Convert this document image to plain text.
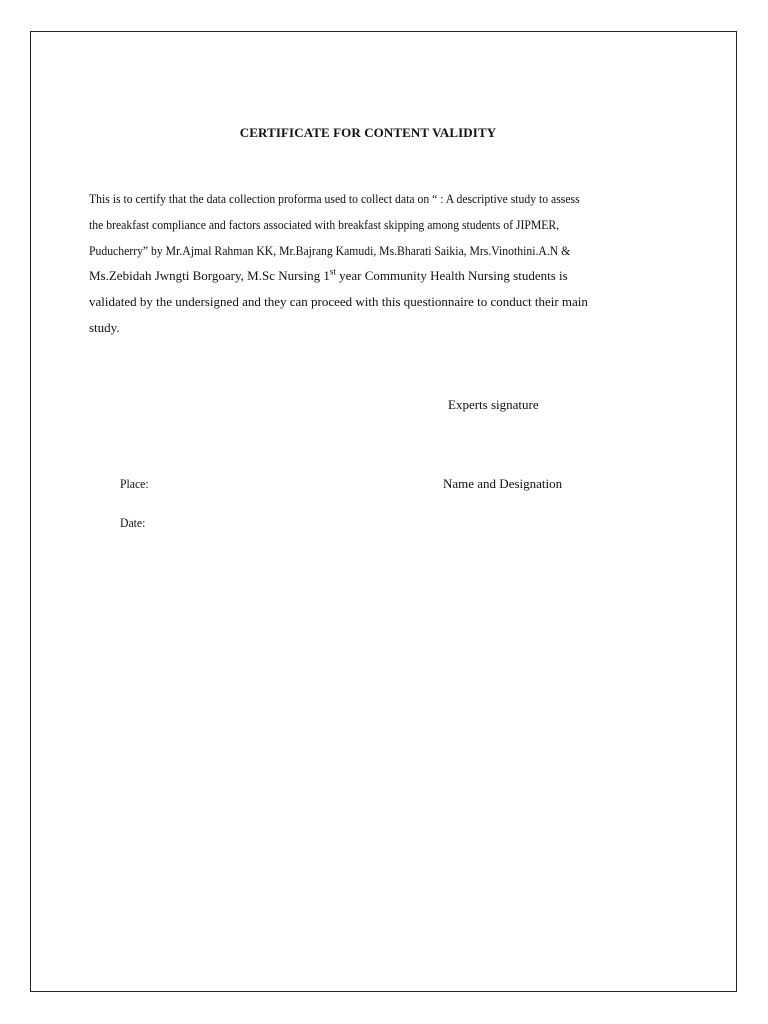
CERTIFICATE FOR CONTENT VALIDITY
This is to certify that the data collection proforma used to collect data on “ : A descriptive study to assess
the breakfast compliance and factors associated with breakfast skipping among students of JIPMER,
Puducherry” by Mr.Ajmal Rahman KK, Mr.Bajrang Kamudi, Ms.Bharati Saikia, Mrs.Vinothini.A.N &
Ms.Zebidah Jwngti Borgoary, M.Sc Nursing 1st year Community Health Nursing students is
validated by the undersigned and they can proceed with this questionnaire to conduct their main
study.
Experts signature
Place:	Name and Designation
Date:
